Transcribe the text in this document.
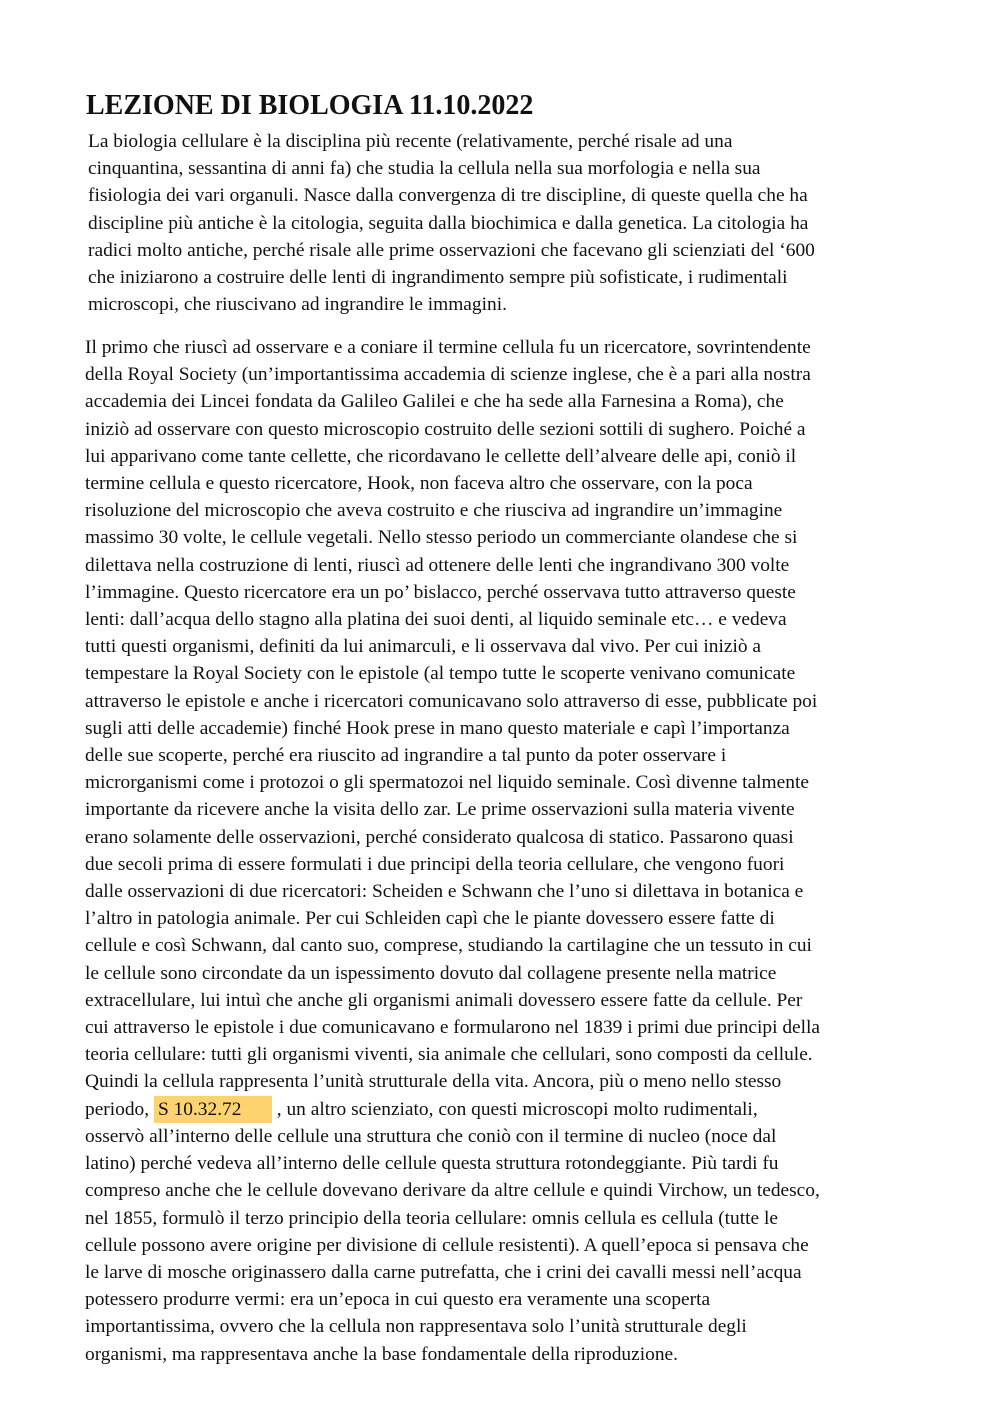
LEZIONE DI BIOLOGIA 11.10.2022

La biologia cellulare è la disciplina più recente (relativamente, perché risale ad una
cinquantina, sessantina di anni fa) che studia la cellula nella sua morfologia e nella sua
fisiologia dei vari organuli. Nasce dalla convergenza di tre discipline, di queste quella che ha
discipline più antiche è la citologia, seguita dalla biochimica e dalla genetica. La citologia ha
radici molto antiche, perché risale alle prime osservazioni che facevano gli scienziati del ‘600
che iniziarono a costruire delle lenti di ingrandimento sempre più sofisticate, i rudimentali
microscopi, che riuscivano ad ingrandire le immagini.

Il primo che riuscì ad osservare e a coniare il termine cellula fu un ricercatore, sovrintendente
della Royal Society (un’importantissima accademia di scienze inglese, che è a pari alla nostra
accademia dei Lincei fondata da Galileo Galilei e che ha sede alla Farnesina a Roma), che
iniziò ad osservare con questo microscopio costruito delle sezioni sottili di sughero. Poiché a
lui apparivano come tante cellette, che ricordavano le cellette dell’alveare delle api, coniò il
termine cellula e questo ricercatore, Hook, non faceva altro che osservare, con la poca
risoluzione del microscopio che aveva costruito e che riusciva ad ingrandire un’immagine
massimo 30 volte, le cellule vegetali. Nello stesso periodo un commerciante olandese che si
dilettava nella costruzione di lenti, riuscì ad ottenere delle lenti che ingrandivano 300 volte
l’immagine. Questo ricercatore era un po’ bislacco, perché osservava tutto attraverso queste
lenti: dall’acqua dello stagno alla platina dei suoi denti, al liquido seminale etc… e vedeva
tutti questi organismi, definiti da lui animarculi, e li osservava dal vivo. Per cui iniziò a
tempestare la Royal Society con le epistole (al tempo tutte le scoperte venivano comunicate
attraverso le epistole e anche i ricercatori comunicavano solo attraverso di esse, pubblicate poi
sugli atti delle accademie) finché Hook prese in mano questo materiale e capì l’importanza
delle sue scoperte, perché era riuscito ad ingrandire a tal punto da poter osservare i
microrganismi come i protozoi o gli spermatozoi nel liquido seminale. Così divenne talmente
importante da ricevere anche la visita dello zar. Le prime osservazioni sulla materia vivente
erano solamente delle osservazioni, perché considerato qualcosa di statico. Passarono quasi
due secoli prima di essere formulati i due principi della teoria cellulare, che vengono fuori
dalle osservazioni di due ricercatori: Scheiden e Schwann che l’uno si dilettava in botanica e
l’altro in patologia animale. Per cui Schleiden capì che le piante dovessero essere fatte di
cellule e così Schwann, dal canto suo, comprese, studiando la cartilagine che un tessuto in cui
le cellule sono circondate da un ispessimento dovuto dal collagene presente nella matrice
extracellulare, lui intuì che anche gli organismi animali dovessero essere fatte da cellule. Per
cui attraverso le epistole i due comunicavano e formularono nel 1839 i primi due principi della
teoria cellulare: tutti gli organismi viventi, sia animale che cellulari, sono composti da cellule.
Quindi la cellula rappresenta l’unità strutturale della vita. Ancora, più o meno nello stesso
periodo, S 10.32.72 , un altro scienziato, con questi microscopi molto rudimentali,
osservò all’interno delle cellule una struttura che coniò con il termine di nucleo (noce dal
latino) perché vedeva all’interno delle cellule questa struttura rotondeggiante. Più tardi fu
compreso anche che le cellule dovevano derivare da altre cellule e quindi Virchow, un tedesco,
nel 1855, formulò il terzo principio della teoria cellulare: omnis cellula es cellula (tutte le
cellule possono avere origine per divisione di cellule resistenti). A quell’epoca si pensava che
le larve di mosche originassero dalla carne putrefatta, che i crini dei cavalli messi nell’acqua
potessero produrre vermi: era un’epoca in cui questo era veramente una scoperta
importantissima, ovvero che la cellula non rappresentava solo l’unità strutturale degli
organismi, ma rappresentava anche la base fondamentale della riproduzione.
